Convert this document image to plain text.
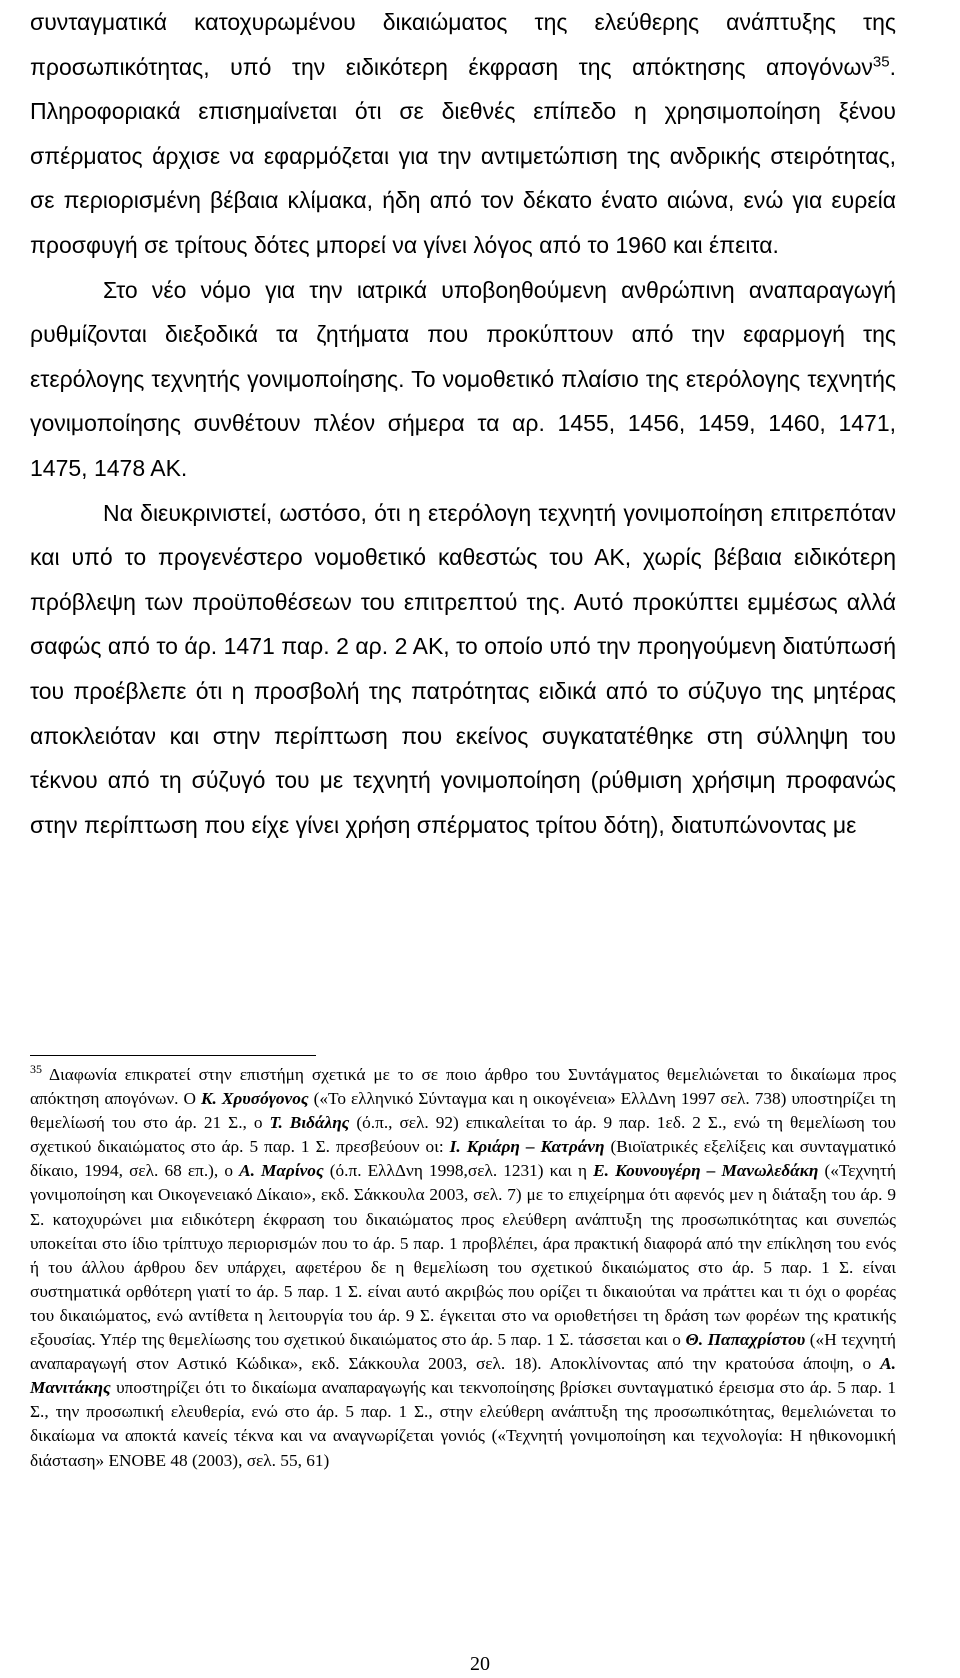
συνταγματικά κατοχυρωμένου δικαιώματος της ελεύθερης ανάπτυξης της προσωπικότητας, υπό την ειδικότερη έκφραση της απόκτησης απογόνων$^{35}$. Πληροφοριακά επισημαίνεται ότι σε διεθνές επίπεδο η χρησιμοποίηση ξένου σπέρματος άρχισε να εφαρμόζεται για την αντιμετώπιση της ανδρικής στειρότητας, σε περιορισμένη βέβαια κλίμακα, ήδη από τον δέκατο ένατο αιώνα, ενώ για ευρεία προσφυγή σε τρίτους δότες μπορεί να γίνει λόγος από το 1960 και έπειτα.

Στο νέο νόμο για την ιατρικά υποβοηθούμενη ανθρώπινη αναπαραγωγή ρυθμίζονται διεξοδικά τα ζητήματα που προκύπτουν από την εφαρμογή της ετερόλογης τεχνητής γονιμοποίησης. Το νομοθετικό πλαίσιο της ετερόλογης τεχνητής γονιμοποίησης συνθέτουν πλέον σήμερα τα αρ. 1455, 1456, 1459, 1460, 1471, 1475, 1478 ΑΚ.

Να διευκρινιστεί, ωστόσο, ότι η ετερόλογη τεχνητή γονιμοποίηση επιτρεπόταν και υπό το προγενέστερο νομοθετικό καθεστώς του ΑΚ, χωρίς βέβαια ειδικότερη πρόβλεψη των προϋποθέσεων του επιτρεπτού της. Αυτό προκύπτει εμμέσως αλλά σαφώς από το άρ. 1471 παρ. 2 αρ. 2 ΑΚ, το οποίο υπό την προηγούμενη διατύπωσή του προέβλεπε ότι η προσβολή της πατρότητας ειδικά από το σύζυγο της μητέρας αποκλειόταν και στην περίπτωση που εκείνος συγκατατέθηκε στη σύλληψη του τέκνου από τη σύζυγό του με τεχνητή γονιμοποίηση (ρύθμιση χρήσιμη προφανώς στην περίπτωση που είχε γίνει χρήση σπέρματος τρίτου δότη), διατυπώνοντας με

$^{35}$ Διαφωνία επικρατεί στην επιστήμη σχετικά με το σε ποιο άρθρο του Συντάγματος θεμελιώνεται το δικαίωμα προς απόκτηση απογόνων. Ο Κ. Χρυσόγονος («Το ελληνικό Σύνταγμα και η οικογένεια» ΕλλΔνη 1997 σελ. 738) υποστηρίζει τη θεμελίωσή του στο άρ. 21 Σ., ο Τ. Βιδάλης (ό.π., σελ. 92) επικαλείται το άρ. 9 παρ. 1εδ. 2 Σ., ενώ τη θεμελίωση του σχετικού δικαιώματος στο άρ. 5 παρ. 1 Σ. πρεσβεύουν οι: Ι. Κριάρη – Κατράνη (Βιοϊατρικές εξελίξεις και συνταγματικό δίκαιο, 1994, σελ. 68 επ.), ο Α. Μαρίνος (ό.π. ΕλλΔνη 1998,σελ. 1231) και η Ε. Κουνουγέρη – Μανωλεδάκη («Τεχνητή γονιμοποίηση και Οικογενειακό Δίκαιο», εκδ. Σάκκουλα 2003, σελ. 7) με το επιχείρημα ότι αφενός μεν η διάταξη του άρ. 9 Σ. κατοχυρώνει μια ειδικότερη έκφραση του δικαιώματος προς ελεύθερη ανάπτυξη της προσωπικότητας και συνεπώς υποκείται στο ίδιο τρίπτυχο περιορισμών που το άρ. 5 παρ. 1 προβλέπει, άρα πρακτική διαφορά από την επίκληση του ενός ή του άλλου άρθρου δεν υπάρχει, αφετέρου δε η θεμελίωση του σχετικού δικαιώματος στο άρ. 5 παρ. 1 Σ. είναι συστηματικά ορθότερη γιατί το άρ. 5 παρ. 1 Σ. είναι αυτό ακριβώς που ορίζει τι δικαιούται να πράττει και τι όχι ο φορέας του δικαιώματος, ενώ αντίθετα η λειτουργία του άρ. 9 Σ. έγκειται στο να οριοθετήσει τη δράση των φορέων της κρατικής εξουσίας. Υπέρ της θεμελίωσης του σχετικού δικαιώματος στο άρ. 5 παρ. 1 Σ. τάσσεται και ο Θ. Παπαχρίστου («Η τεχνητή αναπαραγωγή στον Αστικό Κώδικα», εκδ. Σάκκουλα 2003, σελ. 18). Αποκλίνοντας από την κρατούσα άποψη, ο Α. Μανιτάκης υποστηρίζει ότι το δικαίωμα αναπαραγωγής και τεκνοποίησης βρίσκει συνταγματικό έρεισμα στο άρ. 5 παρ. 1 Σ., την προσωπική ελευθερία, ενώ στο άρ. 5 παρ. 1 Σ., στην ελεύθερη ανάπτυξη της προσωπικότητας, θεμελιώνεται το δικαίωμα να αποκτά κανείς τέκνα και να αναγνωρίζεται γονιός («Τεχνητή γονιμοποίηση και τεχνολογία: Η ηθικονομική διάσταση» ΕΝΟΒΕ 48 (2003), σελ. 55, 61)
20
